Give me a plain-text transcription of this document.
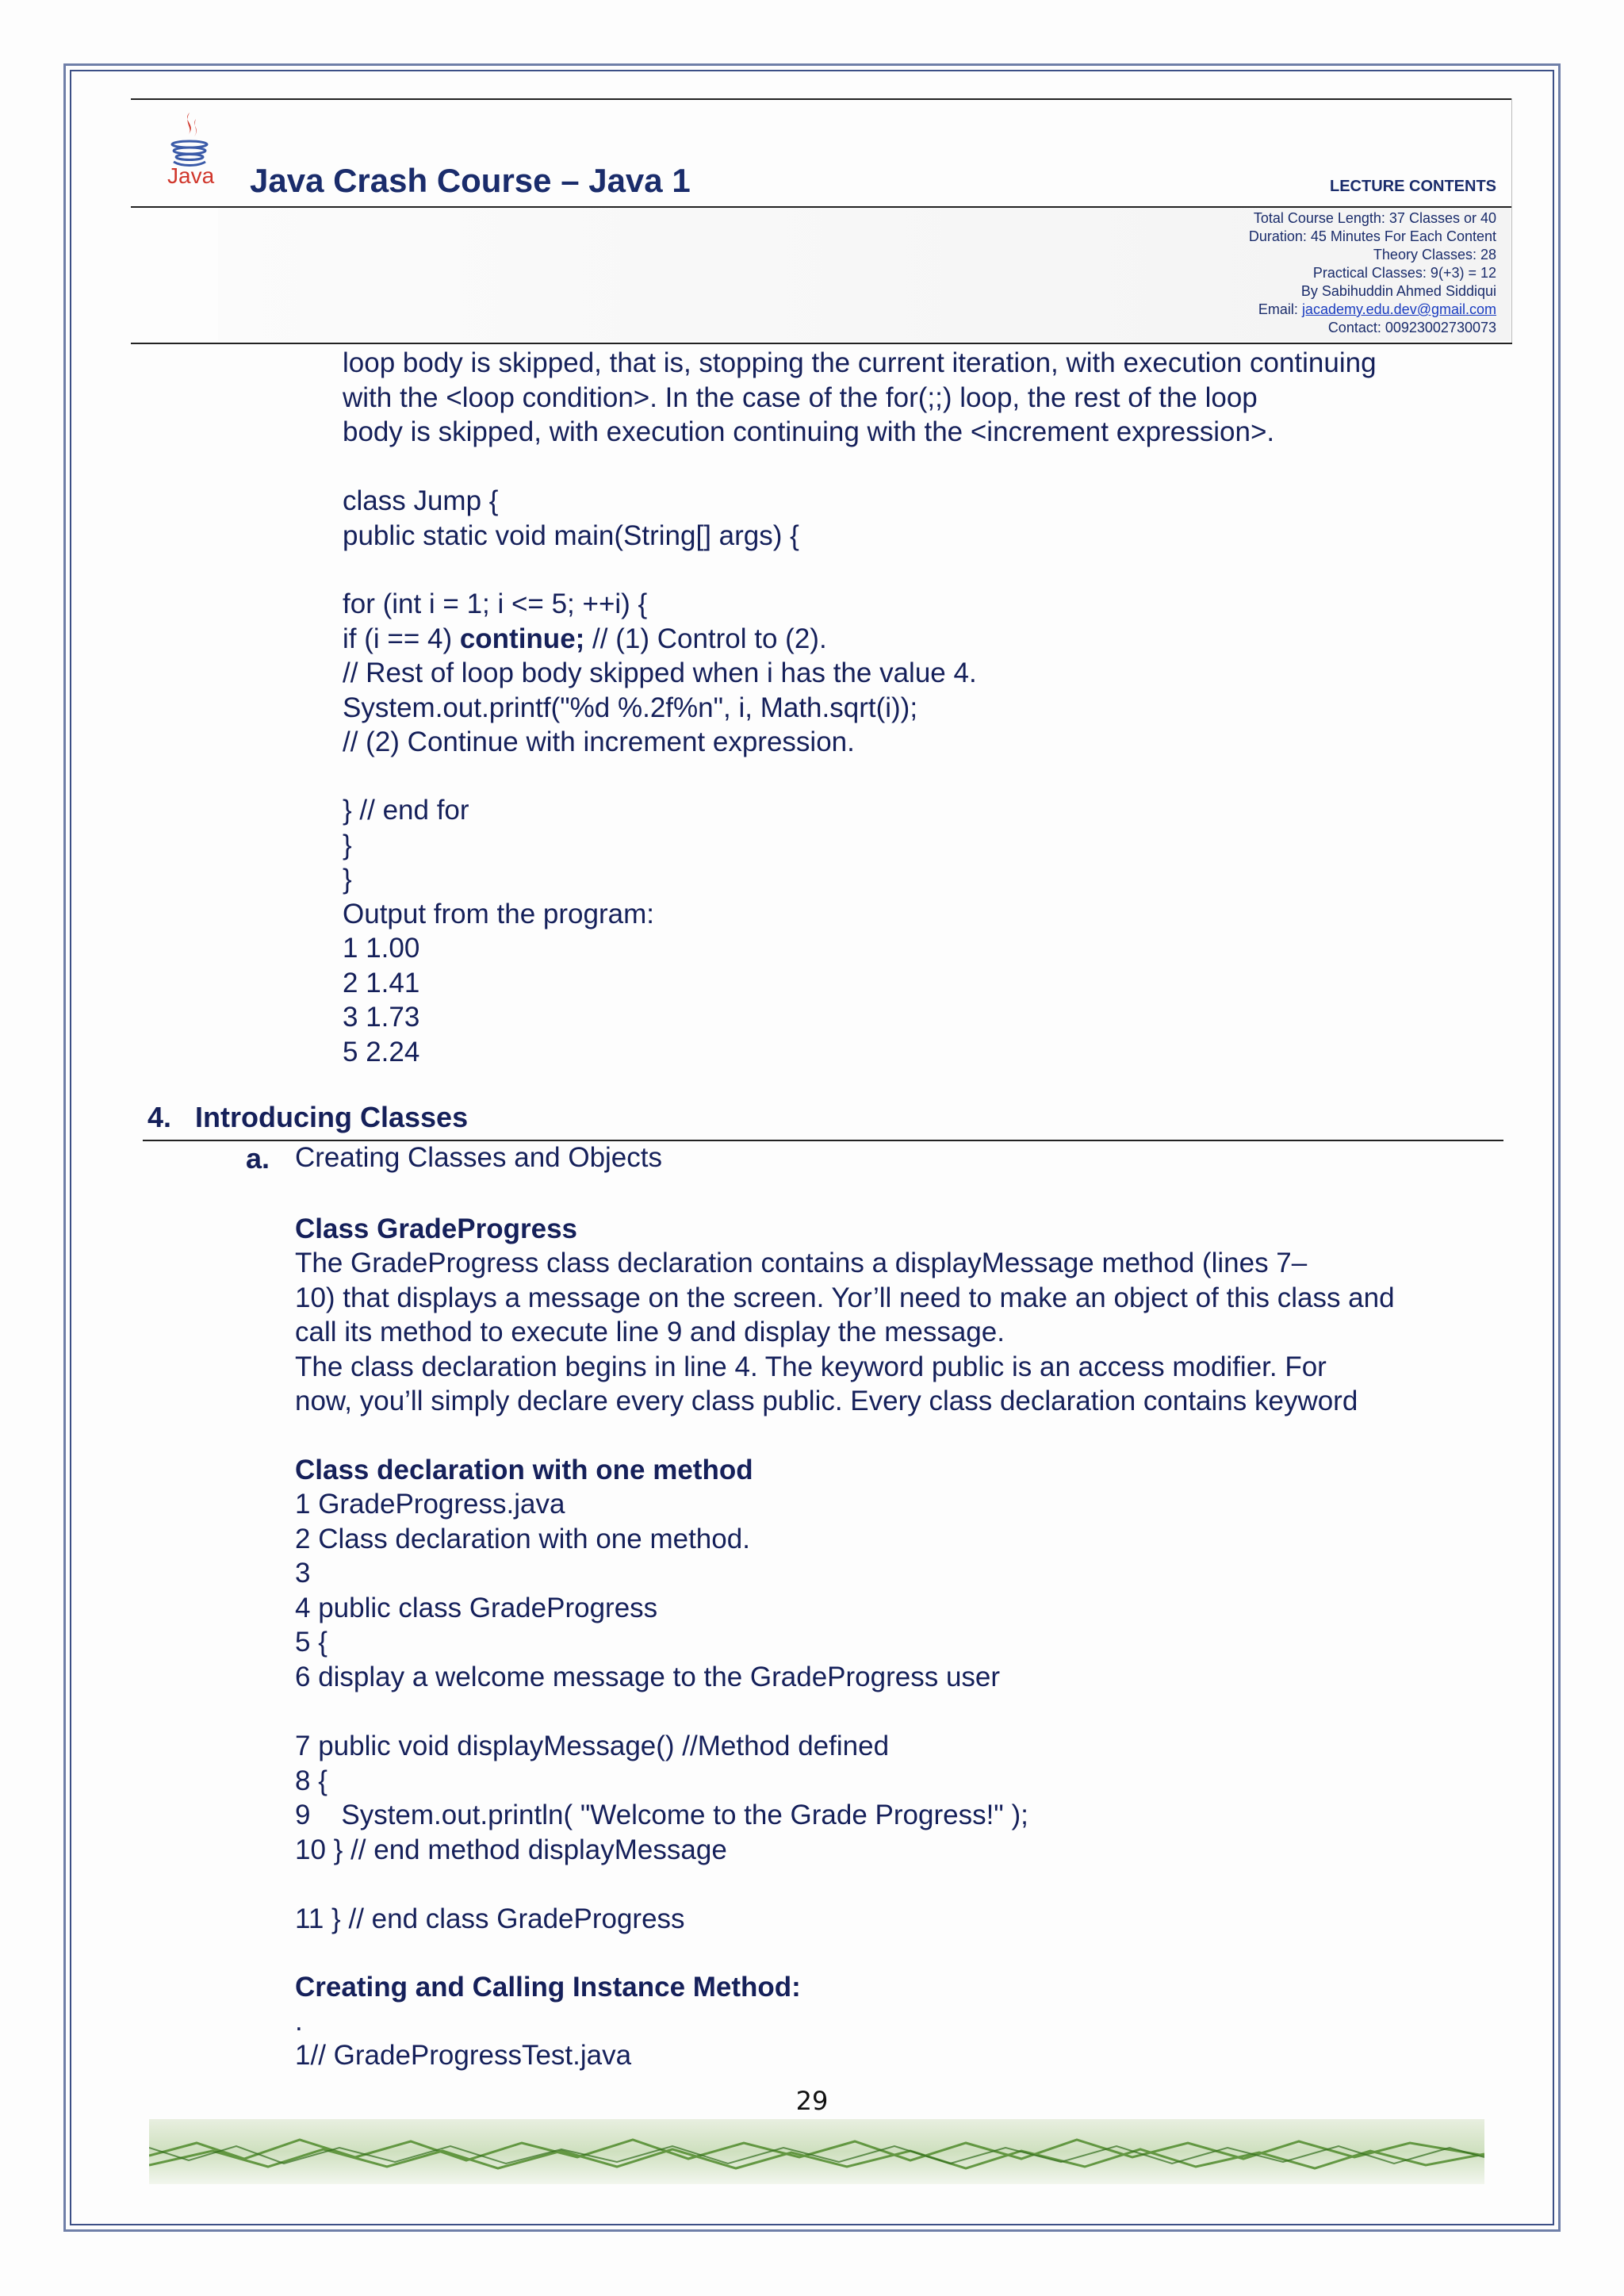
Java Java Crash Course – Java 1	LECTURE CONTENTS
Total Course Length: 37 Classes or 40
Duration: 45 Minutes For Each Content
Theory Classes: 28
Practical Classes: 9(+3) = 12
By Sabihuddin Ahmed Siddiqui
Email: jacademy.edu.dev@gmail.com
Contact: 00923002730073
loop body is skipped, that is, stopping the current iteration, with execution continuing
with the <loop condition>. In the case of the for(;;) loop, the rest of the loop
body is skipped, with execution continuing with the <increment expression>.
class Jump {
public static void main(String[] args) {
for (int i = 1; i <= 5; ++i) {
if (i == 4) continue; // (1) Control to (2).
// Rest of loop body skipped when i has the value 4.
System.out.printf("%d %.2f%n", i, Math.sqrt(i));
// (2) Continue with increment expression.
} // end for
}
}
Output from the program:
1 1.00
2 1.41
3 1.73
5 2.24
4.   Introducing Classes
a. Creating Classes and Objects
Class GradeProgress
The GradeProgress class declaration contains a displayMessage method (lines 7–
10) that displays a message on the screen. Yor’ll need to make an object of this class and
call its method to execute line 9 and display the message.
The class declaration begins in line 4. The keyword public is an access modifier. For
now, you’ll simply declare every class public. Every class declaration contains keyword
Class declaration with one method
1 GradeProgress.java
2 Class declaration with one method.
3
4 public class GradeProgress
5 {
6 display a welcome message to the GradeProgress user
7 public void displayMessage() //Method defined
8 {
9    System.out.println( "Welcome to the Grade Progress!" );
10 } // end method displayMessage
11 } // end class GradeProgress
Creating and Calling Instance Method:
.
1// GradeProgressTest.java
29
